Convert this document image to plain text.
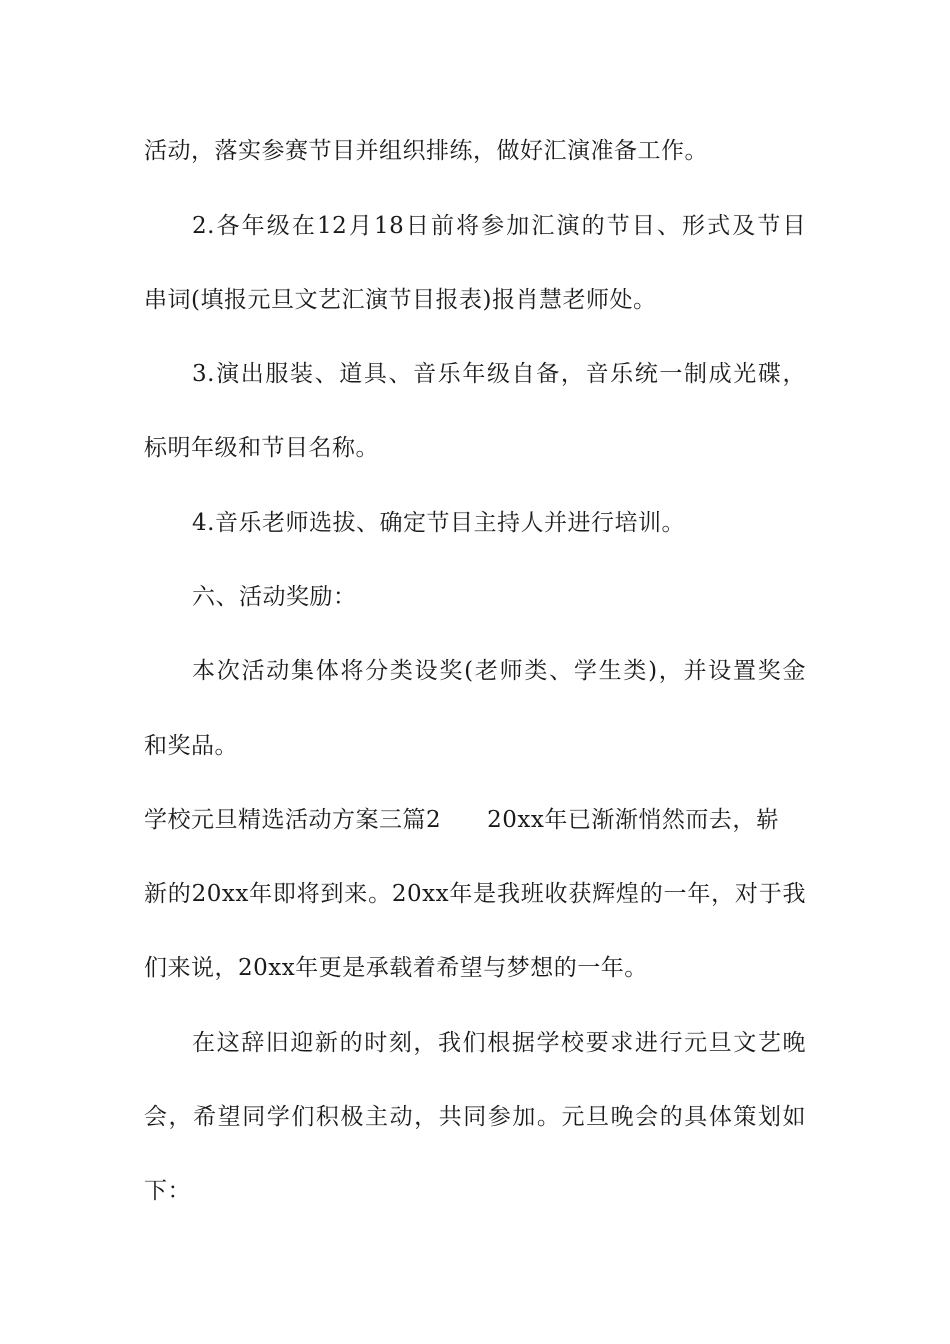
活动，落实参赛节目并组织排练，做好汇演准备工作。
2.各年级在12月18日前将参加汇演的节目、形式及节目
串词(填报元旦文艺汇演节目报表)报肖慧老师处。
3.演出服装、道具、音乐年级自备，音乐统一制成光碟，
标明年级和节目名称。
4.音乐老师选拔、确定节目主持人并进行培训。
六、活动奖励：
本次活动集体将分类设奖(老师类、学生类)，并设置奖金
和奖品。
学校元旦精选活动方案三篇2 20xx年已渐渐悄然而去，崭
新的20xx年即将到来。20xx年是我班收获辉煌的一年，对于我
们来说，20xx年更是承载着希望与梦想的一年。
在这辞旧迎新的时刻，我们根据学校要求进行元旦文艺晚
会，希望同学们积极主动，共同参加。元旦晚会的具体策划如
下：
